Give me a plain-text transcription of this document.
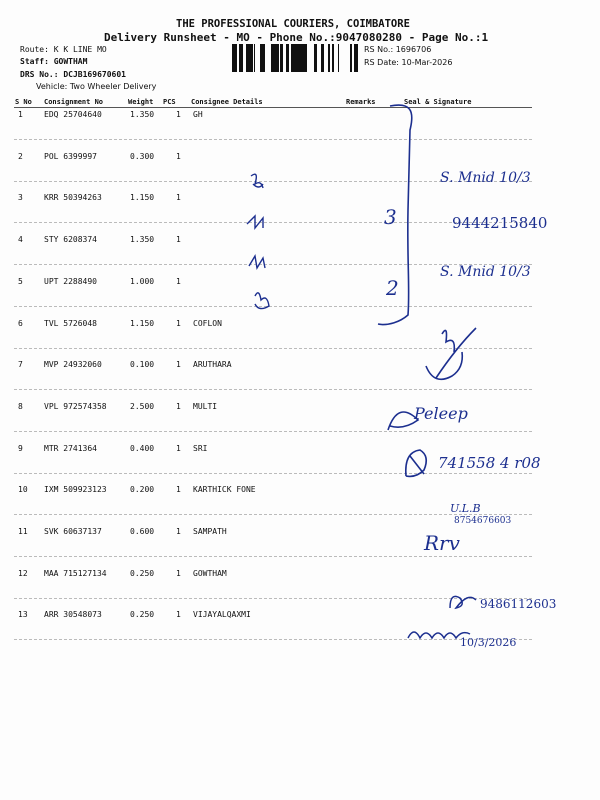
THE PROFESSIONAL COURIERS, COIMBATORE
Delivery Runsheet - MO - Phone No.:9047080280 - Page No.:1
Route: K K LINE MO
Staff: GOWTHAM
DRS No.: DCJB169670601
Vehicle: Two Wheeler Delivery
RS No.: 1696706
RS Date: 10-Mar-2026
S No Consignment No	Weight PCS Consignee Details	Remarks	Seal & Signature
1	EDQ 25704640	1.350	1 GH
2	POL 6399997	0.300	1
3	KRR 50394263	1.150	1
4	STY 6208374	1.350	1
5	UPT 2288490	1.000	1
6	TVL 5726048	1.150	1 COFLON
7	MVP 24932060	0.100	1 ARUTHARA
8	VPL 972574358	2.500	1 MULTI
9	MTR 2741364	0.400	1 SRI
10 IXM 509923123	0.200	1 KARTHICK FONE
11 SVK 60637137	0.600	1 SAMPATH
12 MAA 715127134	0.250	1 GOWTHAM
13 ARR 30548073	0.250	1 VIJAYALQAXMI
3
2
S. Mnid 10/3
9444215840
S. Mnid 10/3
Peleep
741558 4 r08
U.L.B
8754676603
Rrv
9486112603
10/3/2026
